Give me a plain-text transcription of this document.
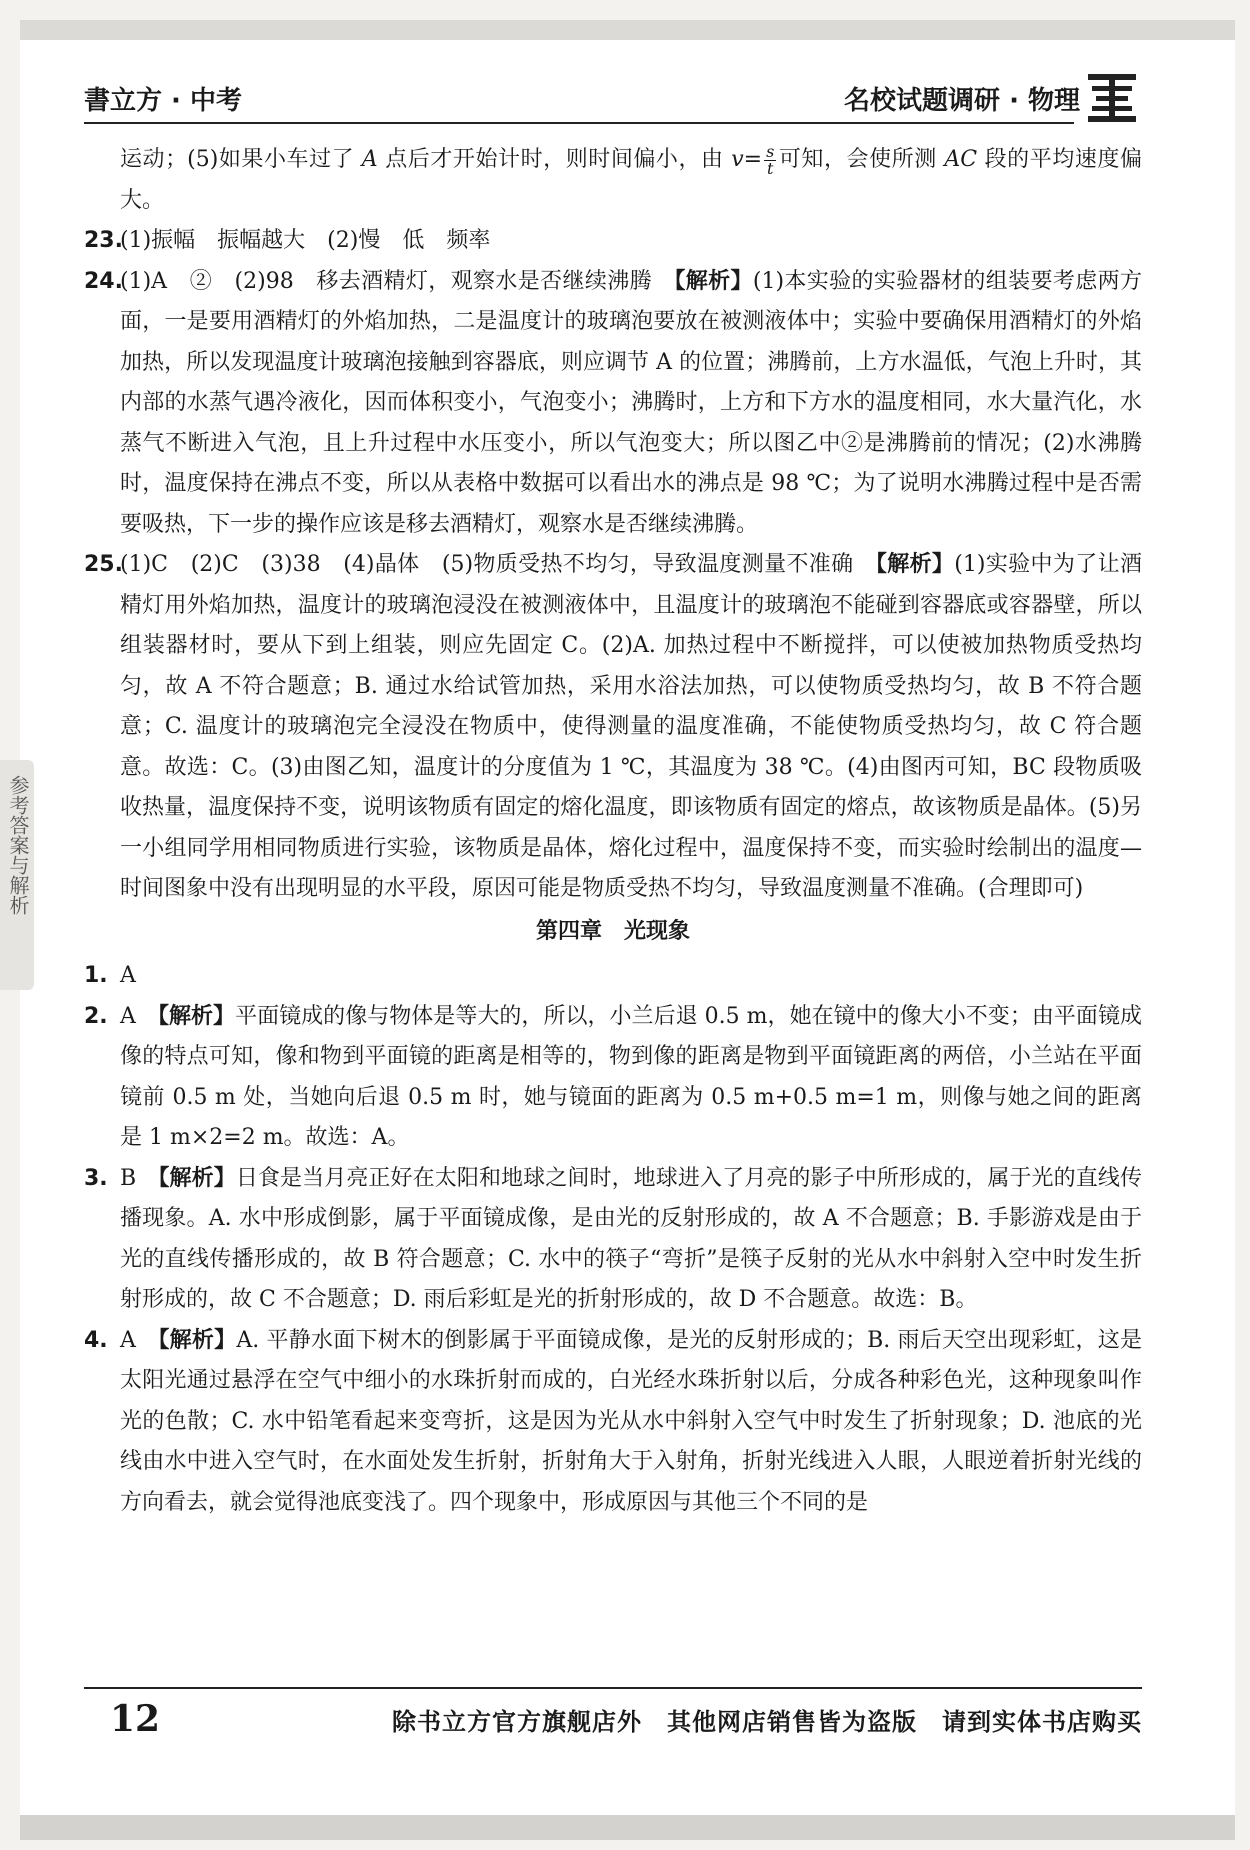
書立方 · 中考	名校试题调研 · 物理
参考答案与解析

运动；(5)如果小车过了 A 点后才开始计时，则时间偏小，由 $v= \frac{s}{t}$ 可知，会使所测 AC 段的平均速度偏大。

23.(1)振幅　振幅越大　(2)慢　低　频率

24.(1)A　②　(2)98　移去酒精灯，观察水是否继续沸腾　 【解析】(1)本实验的实验器材的组装要考虑两方面，一是要用酒精灯的外焰加热，二是温度计的玻璃泡要放在被测液体中；实验中要确保用酒精灯的外焰加热，所以发现温度计玻璃泡接触到容器底，则应调节 A 的位置；沸腾前，上方水温低，气泡上升时，其内部的水蒸气遇冷液化，因而体积变小，气泡变小；沸腾时，上方和下方水的温度相同，水大量汽化，水蒸气不断进入气泡，且上升过程中水压变小，所以气泡变大；所以图乙中②是沸腾前的情况；(2)水沸腾时，温度保持在沸点不变，所以从表格中数据可以看出水的沸点是 98 ℃；为了说明水沸腾过程中是否需要吸热，下一步的操作应该是移去酒精灯，观察水是否继续沸腾。

25.(1)C　(2)C　(3)38　(4)晶体　(5)物质受热不均匀，导致温度测量不准确　 【解析】(1)实验中为了让酒精灯用外焰加热，温度计的玻璃泡浸没在被测液体中，且温度计的玻璃泡不能碰到容器底或容器壁，所以组装器材时，要从下到上组装，则应先固定 C。(2)A. 加热过程中不断搅拌，可以使被加热物质受热均匀，故 A 不符合题意；B. 通过水给试管加热，采用水浴法加热，可以使物质受热均匀，故 B 不符合题意；C. 温度计的玻璃泡完全浸没在物质中，使得测量的温度准确，不能使物质受热均匀，故 C 符合题意。故选：C。(3)由图乙知，温度计的分度值为 1 ℃，其温度为 38 ℃。(4)由图丙可知，BC 段物质吸收热量，温度保持不变，说明该物质有固定的熔化温度，即该物质有固定的熔点，故该物质是晶体。(5)另一小组同学用相同物质进行实验，该物质是晶体，熔化过程中，温度保持不变，而实验时绘制出的温度—时间图象中没有出现明显的水平段，原因可能是物质受热不均匀，导致温度测量不准确。(合理即可)

第四章　光现象

1. A

2. A　 【解析】平面镜成的像与物体是等大的，所以，小兰后退 0.5 m，她在镜中的像大小不变；由平面镜成像的特点可知，像和物到平面镜的距离是相等的，物到像的距离是物到平面镜距离的两倍，小兰站在平面镜前 0.5 m 处，当她向后退 0.5 m 时，她与镜面的距离为 0.5 m+0.5 m=1 m，则像与她之间的距离是 1 m×2=2 m。故选：A。

3. B　 【解析】日食是当月亮正好在太阳和地球之间时，地球进入了月亮的影子中所形成的，属于光的直线传播现象。A. 水中形成倒影，属于平面镜成像，是由光的反射形成的，故 A 不合题意；B. 手影游戏是由于光的直线传播形成的，故 B 符合题意；C. 水中的筷子“弯折”是筷子反射的光从水中斜射入空中时发生折射形成的，故 C 不合题意；D. 雨后彩虹是光的折射形成的，故 D 不合题意。故选：B。

4. A　 【解析】A. 平静水面下树木的倒影属于平面镜成像，是光的反射形成的；B. 雨后天空出现彩虹，这是太阳光通过悬浮在空气中细小的水珠折射而成的，白光经水珠折射以后，分成各种彩色光，这种现象叫作光的色散；C. 水中铅笔看起来变弯折，这是因为光从水中斜射入空气中时发生了折射现象；D. 池底的光线由水中进入空气时，在水面处发生折射，折射角大于入射角，折射光线进入人眼，人眼逆着折射光线的方向看去，就会觉得池底变浅了。四个现象中，形成原因与其他三个不同的是

12	除书立方官方旗舰店外　其他网店销售皆为盗版　请到实体书店购买
